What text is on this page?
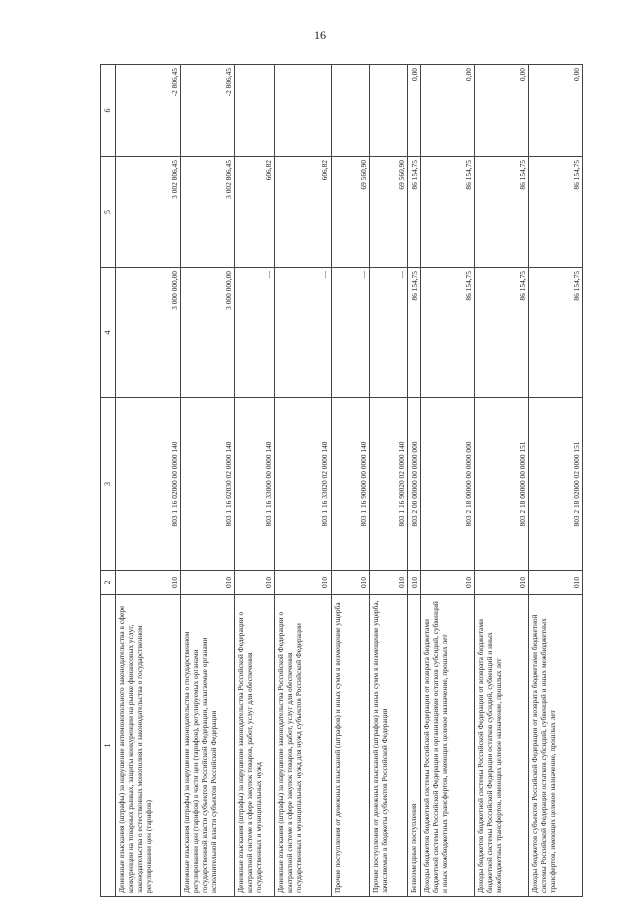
16
1	2	3	4	5	6
Денежные взыскания (штрафы) за нарушение антимонопольного законодательства в сфере конкуренции на товарных рынках, защиты конкуренции на рынке финансовых услуг, законодательства о естественных монополиях и законодательства о государственном регулировании цен (тарифов)	010	803 1 16 02000 00 0000 140	3 000 000,00	3 002 806,45	-2 806,45
Денежные взыскания (штрафы) за нарушение законодательства о государственном регулировании цен (тарифов) в части цен (тарифов), регулируемых органами государственной власти субъектов Российской Федерации, налагаемые органами исполнительной власти субъектов Российской Федерации	010	803 1 16 02030 02 0000 140	3 000 000,00	3 002 806,45	-2 806,45
Денежные взыскания (штрафы) за нарушение законодательства Российской Федерации о контрактной системе в сфере закупок товаров, работ, услуг для обеспечения государственных и муниципальных нужд	010	803 1 16 33000 00 0000 140	—	606,82	
Денежные взыскания (штрафы) за нарушение законодательства Российской Федерации о контрактной системе в сфере закупок товаров, работ, услуг для обеспечения государственных и муниципальных нужд для нужд субъектов Российской Федерации	010	803 1 16 33020 02 0000 140	—	606,82	
Прочие поступления от денежных взысканий (штрафов) и иных сумм в возмещение ущерба	010	803 1 16 90000 00 0000 140	—	69 560,90	
Прочие поступления от денежных взысканий (штрафов) и иных сумм в возмещение ущерба, зачисляемые в бюджеты субъектов Российской Федерации	010	803 1 16 90020 02 0000 140	—	69 560,90	
Безвозмездные поступления	010	803 2 00 00000 00 0000 000	86 154,75	86 154,75	0,00
Доходы бюджетов бюджетной системы Российской Федерации от возврата бюджетами бюджетной системы Российской Федерации и организациями остатков субсидий, субвенций и иных межбюджетных трансфертов, имеющих целевое назначение, прошлых лет	010	803 2 18 00000 00 0000 000	86 154,75	86 154,75	0,00
Доходы бюджетов бюджетной системы Российской Федерации от возврата бюджетами бюджетной системы Российской Федерации остатков субсидий, субвенций и иных межбюджетных трансфертов, имеющих целевое назначение, прошлых лет	010	803 2 18 00000 00 0000 151	86 154,75	86 154,75	0,00
Доходы бюджетов субъектов Российской Федерации от возврата бюджетами бюджетной системы Российской Федерации остатков субсидий, субвенций и иных межбюджетных трансфертов, имеющих целевое назначение, прошлых лет	010	803 2 18 02000 02 0000 151	86 154,75	86 154,75	0,00
